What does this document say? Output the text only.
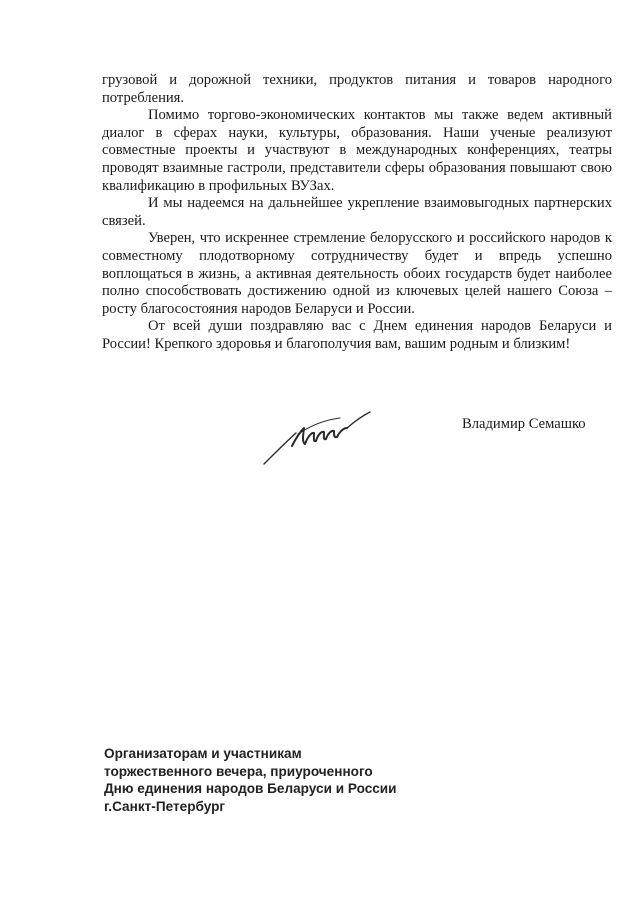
грузовой и дорожной техники, продуктов питания и товаров народного потребления.

Помимо торгово-экономических контактов мы также ведем активный диалог в сферах науки, культуры, образования. Наши ученые реализуют совместные проекты и участвуют в международных конференциях, театры проводят взаимные гастроли, представители сферы образования повышают свою квалификацию в профильных ВУЗах.

И мы надеемся на дальнейшее укрепление взаимовыгодных партнерских связей.

Уверен, что искреннее стремление белорусского и российского народов к совместному плодотворному сотрудничеству будет и впредь успешно воплощаться в жизнь, а активная деятельность обоих государств будет наиболее полно способствовать достижению одной из ключевых целей нашего Союза – росту благосостояния народов Беларуси и России.

От всей души поздравляю вас с Днем единения народов Беларуси и России! Крепкого здоровья и благополучия вам, вашим родным и близким!

Владимир Семашко
Организаторам и участникам
торжественного вечера, приуроченного
Дню единения народов Беларуси и России
г.Санкт-Петербург
